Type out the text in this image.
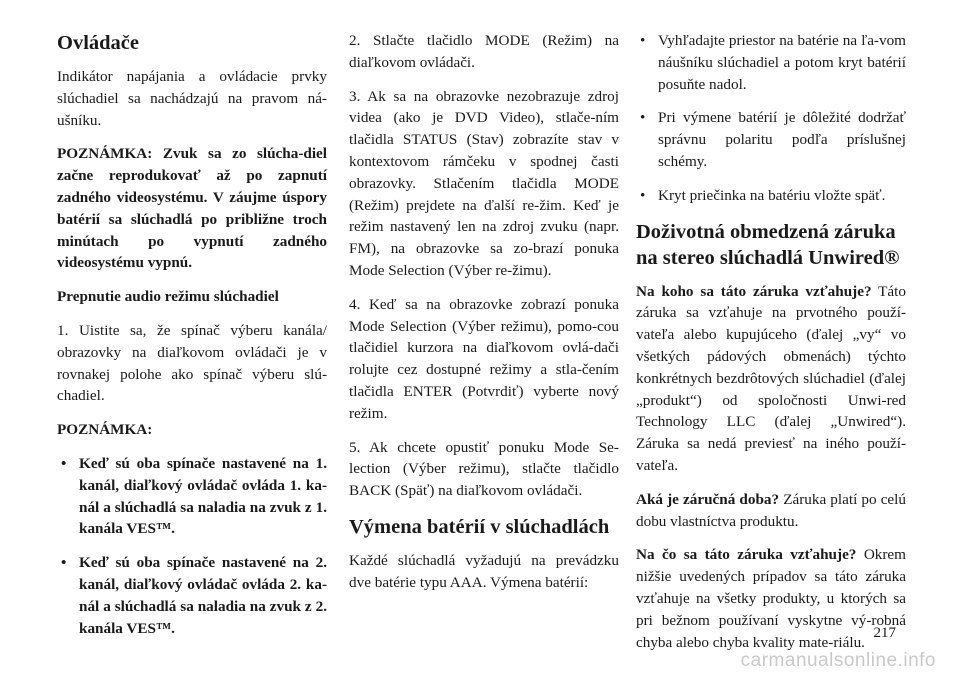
Ovládače

Indikátor napájania a ovládacie prvky slúchadiel sa nachádzajú na pravom ná-ušníku.

POZNÁMKA: Zvuk sa zo slúcha-diel začne reprodukovať až po zapnutí zadného videosystému. V záujme úspory batérií sa slúchadlá po približne troch minútach po vypnutí zadného videosystému vypnú.

Prepnutie audio režimu slúchadiel

1. Uistite sa, že spínač výberu kanála/ obrazovky na diaľkovom ovládači je v rovnakej polohe ako spínač výberu slú-chadiel.

POZNÁMKA:

• Keď sú oba spínače nastavené na 1. kanál, diaľkový ovládač ovláda 1. ka-nál a slúchadlá sa naladia na zvuk z 1. kanála VES™.
• Keď sú oba spínače nastavené na 2. kanál, diaľkový ovládač ovláda 2. ka-nál a slúchadlá sa naladia na zvuk z 2. kanála VES™.

2. Stlačte tlačidlo MODE (Režim) na diaľkovom ovládači.

3. Ak sa na obrazovke nezobrazuje zdroj videa (ako je DVD Video), stlače-ním tlačidla STATUS (Stav) zobrazíte stav v kontextovom rámčeku v spodnej časti obrazovky. Stlačením tlačidla MODE (Režim) prejdete na ďalší re-žim. Keď je režim nastavený len na zdroj zvuku (napr. FM), na obrazovke sa zo-brazí ponuka Mode Selection (Výber re-žimu).

4. Keď sa na obrazovke zobrazí ponuka Mode Selection (Výber režimu), pomo-cou tlačidiel kurzora na diaľkovom ovlá-dači rolujte cez dostupné režimy a stla-čením tlačidla ENTER (Potvrdiť) vyberte nový režim.

5. Ak chcete opustiť ponuku Mode Se-lection (Výber režimu), stlačte tlačidlo BACK (Späť) na diaľkovom ovládači.

Výmena batérií v slúchadlách

Každé slúchadlá vyžadujú na prevádzku dve batérie typu AAA. Výmena batérií:

• Vyhľadajte priestor na batérie na ľa-vom náušníku slúchadiel a potom kryt batérií posuňte nadol.
• Pri výmene batérií je dôležité dodržať správnu polaritu podľa príslušnej schémy.
• Kryt priečinka na batériu vložte späť.
Doživotná obmedzená záruka na stereo slúchadlá Unwired®

Na koho sa táto záruka vzťahuje? Táto záruka sa vzťahuje na prvotného použí-vateľa alebo kupujúceho (ďalej „vy“ vo všetkých pádových obmenách) týchto konkrétnych bezdrôtových slúchadiel (ďalej „produkt“) od spoločnosti Unwi-red Technology LLC (ďalej „Unwired“). Záruka sa nedá previesť na iného použí-vateľa.

Aká je záručná doba? Záruka platí po celú dobu vlastníctva produktu.

Na čo sa táto záruka vzťahuje? Okrem nižšie uvedených prípadov sa táto záruka vzťahuje na všetky produkty, u ktorých sa pri bežnom používaní vyskytne vý-robná chyba alebo chyba kvality mate-riálu.

217
carmanualsonline.info
